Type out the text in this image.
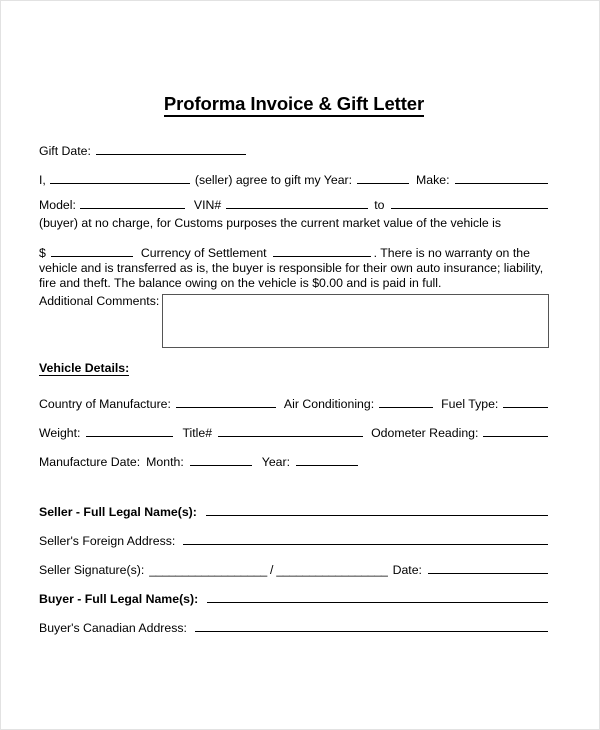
Proforma Invoice & Gift Letter
Gift Date:
I,	(seller) agree to gift my Year:	Make:
Model:	VIN#	to
(buyer) at no charge, for Customs purposes the current market value of the vehicle is
$	Currency of Settlement	. There is no warranty on the
vehicle and is transferred as is, the buyer is responsible for their own auto insurance; liability,
fire and theft. The balance owing on the vehicle is $0.00 and is paid in full.
Additional Comments:
Vehicle Details:
Country of Manufacture:	Air Conditioning:	Fuel Type:
Weight:	Title#	Odometer Reading:
Manufacture Date: Month:	Year:
Seller - Full Legal Name(s):
Seller's Foreign Address:
Seller Signature(s): __________________ / _________________ Date:
Buyer - Full Legal Name(s):
Buyer's Canadian Address:
